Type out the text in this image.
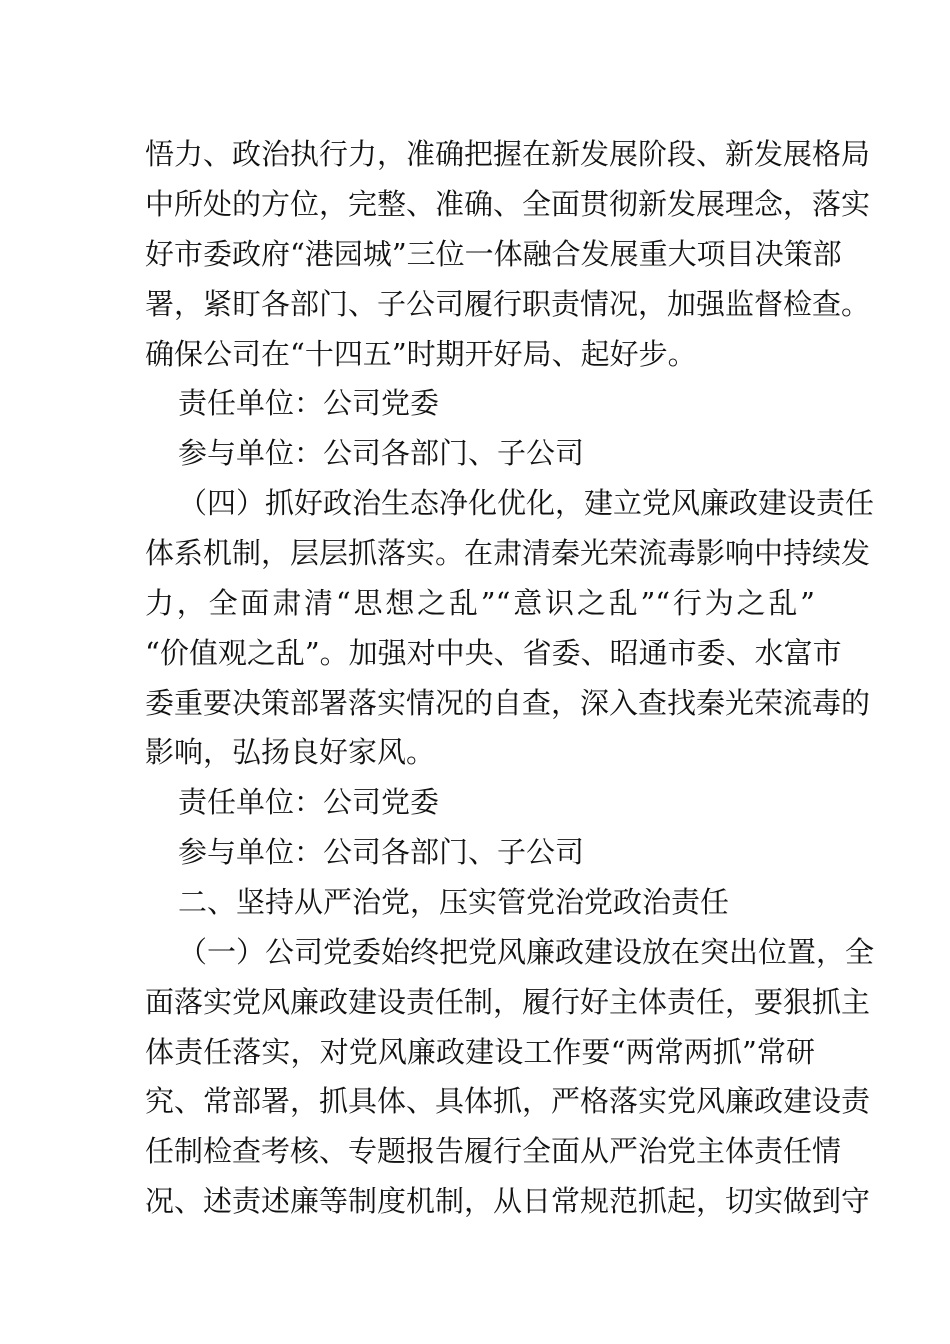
悟力、政治执行力，准确把握在新发展阶段、新发展格局
中所处的方位，完整、准确、全面贯彻新发展理念，落实
好市委政府“港园城”三位一体融合发展重大项目决策部
署，紧盯各部门、子公司履行职责情况，加强监督检查。
确保公司在“十四五”时期开好局、起好步。
责任单位：公司党委
参与单位：公司各部门、子公司
（四）抓好政治生态净化优化，建立党风廉政建设责任
体系机制，层层抓落实。在肃清秦光荣流毒影响中持续发
力，全面肃清“思想之乱”“意识之乱”“行为之乱”
“价值观之乱”。加强对中央、省委、昭通市委、水富市
委重要决策部署落实情况的自查，深入查找秦光荣流毒的
影响，弘扬良好家风。
责任单位：公司党委
参与单位：公司各部门、子公司
二、坚持从严治党，压实管党治党政治责任
（一）公司党委始终把党风廉政建设放在突出位置，全
面落实党风廉政建设责任制，履行好主体责任，要狠抓主
体责任落实，对党风廉政建设工作要“两常两抓”常研
究、常部署，抓具体、具体抓，严格落实党风廉政建设责
任制检查考核、专题报告履行全面从严治党主体责任情
况、述责述廉等制度机制，从日常规范抓起，切实做到守
